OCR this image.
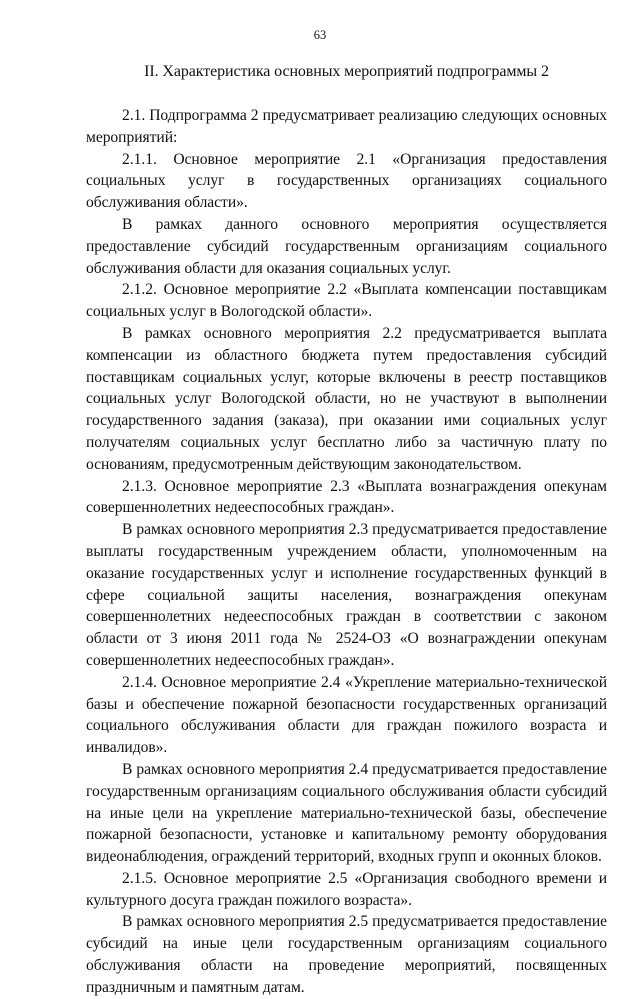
63
II. Характеристика основных мероприятий подпрограммы 2

2.1. Подпрограмма 2 предусматривает реализацию следующих основных мероприятий:

2.1.1. Основное мероприятие 2.1 «Организация предоставления социальных услуг в государственных организациях социального обслуживания области».

В рамках данного основного мероприятия осуществляется предоставление субсидий государственным организациям социального обслуживания области для оказания социальных услуг.

2.1.2. Основное мероприятие 2.2 «Выплата компенсации поставщикам социальных услуг в Вологодской области».

В рамках основного мероприятия 2.2 предусматривается выплата компенсации из областного бюджета путем предоставления субсидий поставщикам социальных услуг, которые включены в реестр поставщиков социальных услуг Вологодской области, но не участвуют в выполнении государственного задания (заказа), при оказании ими социальных услуг получателям социальных услуг бесплатно либо за частичную плату по основаниям, предусмотренным действующим законодательством.

2.1.3. Основное мероприятие 2.3 «Выплата вознаграждения опекунам совершеннолетних недееспособных граждан».

В рамках основного мероприятия 2.3 предусматривается предоставление выплаты государственным учреждением области, уполномоченным на оказание государственных услуг и исполнение государственных функций в сфере социальной защиты населения, вознаграждения опекунам совершеннолетних недееспособных граждан в соответствии с законом области от 3 июня 2011 года № 2524-ОЗ «О вознаграждении опекунам совершеннолетних недееспособных граждан».

2.1.4. Основное мероприятие 2.4 «Укрепление материально-технической базы и обеспечение пожарной безопасности государственных организаций социального обслуживания области для граждан пожилого возраста и инвалидов».

В рамках основного мероприятия 2.4 предусматривается предоставление государственным организациям социального обслуживания области субсидий на иные цели на укрепление материально-технической базы, обеспечение пожарной безопасности, установке и капитальному ремонту оборудования видеонаблюдения, ограждений территорий, входных групп и оконных блоков.

2.1.5. Основное мероприятие 2.5 «Организация свободного времени и культурного досуга граждан пожилого возраста».

В рамках основного мероприятия 2.5 предусматривается предоставление субсидий на иные цели государственным организациям социального обслуживания области на проведение мероприятий, посвященных праздничным и памятным датам.
